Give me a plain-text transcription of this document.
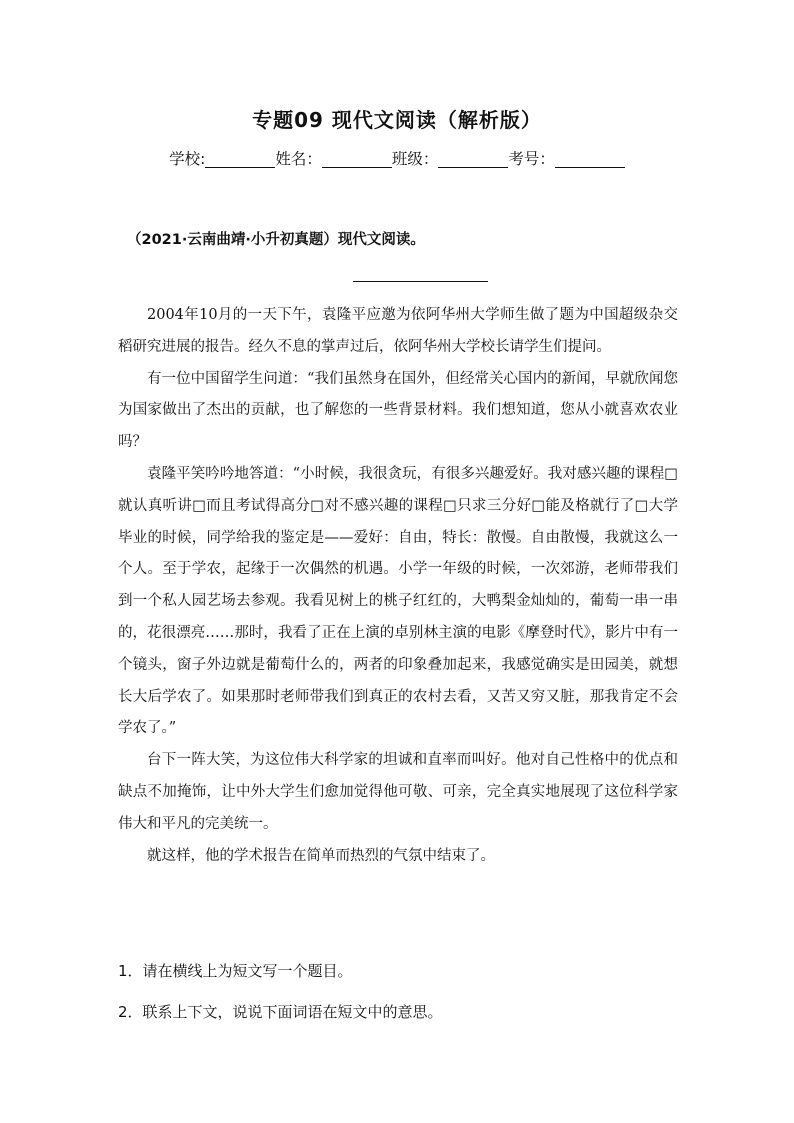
专题09 现代文阅读（解析版）
学校:	姓名：	班级：	考号：
（2021·云南曲靖·小升初真题）现代文阅读。

2004年10月的一天下午，袁隆平应邀为依阿华州大学师生做了题为中国超级杂交稻研究进展的报告。经久不息的掌声过后，依阿华州大学校长请学生们提问。

有一位中国留学生问道：“我们虽然身在国外，但经常关心国内的新闻，早就欣闻您为国家做出了杰出的贡献，也了解您的一些背景材料。我们想知道，您从小就喜欢农业吗？

袁隆平笑吟吟地答道：“小时候，我很贪玩，有很多兴趣爱好。我对感兴趣的课程□就认真听讲□而且考试得高分□对不感兴趣的课程□只求三分好□能及格就行了□大学毕业的时候，同学给我的鉴定是——爱好：自由，特长：散慢。自由散慢，我就这么一个人。至于学农，起缘于一次偶然的机遇。小学一年级的时候，一次郊游，老师带我们到一个私人园艺场去参观。我看见树上的桃子红红的，大鸭梨金灿灿的，葡萄一串一串的，花很漂亮……那时，我看了正在上演的卓别林主演的电影《摩登时代》，影片中有一个镜头，窗子外边就是葡萄什么的，两者的印象叠加起来，我感觉确实是田园美，就想长大后学农了。如果那时老师带我们到真正的农村去看，又苦又穷又脏，那我肯定不会学农了。”

台下一阵大笑，为这位伟大科学家的坦诚和直率而叫好。他对自己性格中的优点和缺点不加掩饰，让中外大学生们愈加觉得他可敬、可亲，完全真实地展现了这位科学家伟大和平凡的完美统一。

就这样，他的学术报告在简单而热烈的气氛中结束了。

1．请在横线上为短文写一个题目。
2．联系上下文，说说下面词语在短文中的意思。
